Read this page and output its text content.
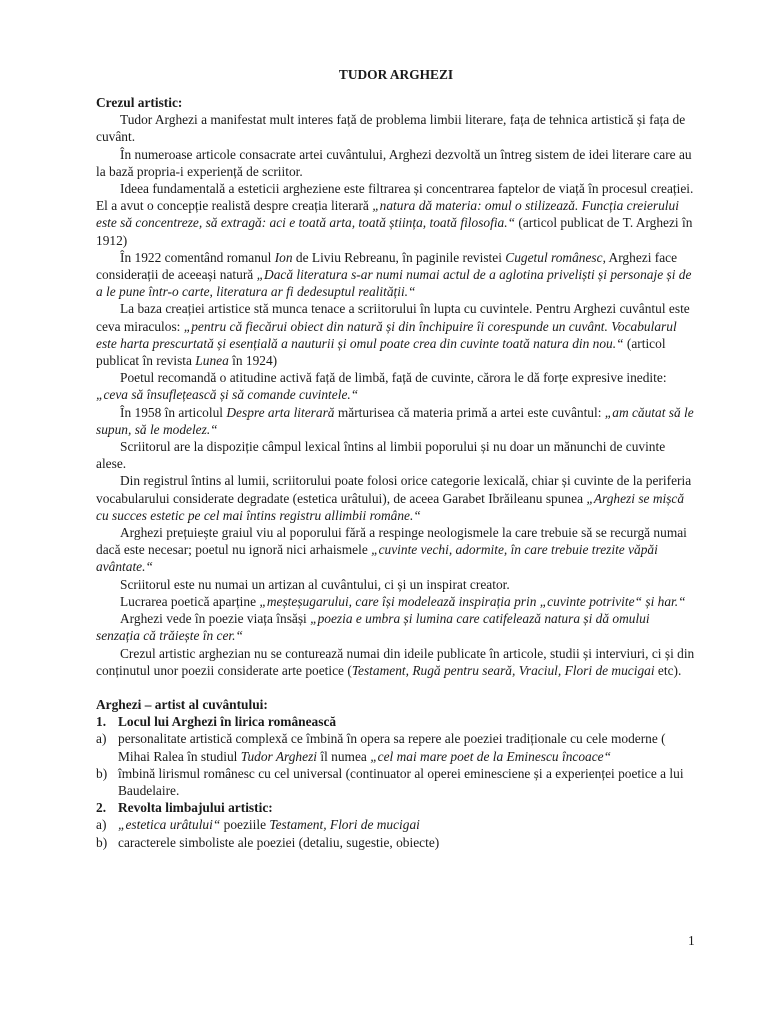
TUDOR ARGHEZI
Crezul artistic:

Tudor Arghezi a manifestat mult interes față de problema limbii literare, fața de tehnica artistică și fața de cuvânt.

În numeroase articole consacrate artei cuvântului, Arghezi dezvoltă un întreg sistem de idei literare care au la bază propria-i experiență de scriitor.

Ideea fundamentală a esteticii argheziene este filtrarea și concentrarea faptelor de viață în procesul creației. El a avut o concepție realistă despre creația literară „natura dă materia: omul o stilizează. Funcția creierului este să concentreze, să extragă: aci e toată arta, toată știința, toată filosofia.“ (articol publicat de T. Arghezi în 1912)

În 1922 comentând romanul Ion de Liviu Rebreanu, în paginile revistei Cugetul românesc, Arghezi face considerații de aceeași natură „Dacă literatura s-ar numi numai actul de a aglotina priveliști și personaje și de a le pune într-o carte, literatura ar fi dedesuptul realității.“

La baza creației artistice stă munca tenace a scriitorului în lupta cu cuvintele. Pentru Arghezi cuvântul este ceva miraculos: „pentru că fiecărui obiect din natură și din închipuire îi corespunde un cuvânt. Vocabularul este harta prescurtată și esențială a nauturii și omul poate crea din cuvinte toată natura din nou.“ (articol publicat în revista Lunea în 1924)

Poetul recomandă o atitudine activă față de limbă, față de cuvinte, cărora le dă forțe expresive inedite: „ceva să însuflețească și să comande cuvintele.“

În 1958 în articolul Despre arta literară mărturisea că materia primă a artei este cuvântul: „am căutat să le supun, să le modelez.“

Scriitorul are la dispoziție câmpul lexical întins al limbii poporului și nu doar un mănunchi de cuvinte alese.

Din registrul întins al lumii, scriitorului poate folosi orice categorie lexicală, chiar și cuvinte de la periferia vocabularului considerate degradate (estetica urâtului), de aceea Garabet Ibrăileanu spunea „Arghezi se mișcă cu succes estetic pe cel mai întins registru allimbii române.“

Arghezi prețuiește graiul viu al poporului fără a respinge neologismele la care trebuie să se recurgă numai dacă este necesar; poetul nu ignoră nici arhaismele „cuvinte vechi, adormite, în care trebuie trezite văpăi avântate.“

Scriitorul este nu numai un artizan al cuvântului, ci și un inspirat creator.

Lucrarea poetică aparține „meșteșugarului, care își modelează inspirația prin „cuvinte potrivite“ și har.“

Arghezi vede în poezie viața însăși „poezia e umbra și lumina care catifelează natura și dă omului senzația că trăiește în cer.“

Crezul artistic arghezian nu se conturează numai din ideile publicate în articole, studii și interviuri, ci și din conținutul unor poezii considerate arte poetice (Testament, Rugă pentru seară, Vraciul, Flori de mucigai etc).

Arghezi – artist al cuvântului:
1. Locul lui Arghezi în lirica românească
a) personalitate artistică complexă ce îmbină în opera sa repere ale poeziei tradiționale cu cele moderne ( Mihai Ralea în studiul Tudor Arghezi îl numea „cel mai mare poet de la Eminescu încoace“
b) îmbină lirismul românesc cu cel universal (continuator al operei eminesciene și a experienței poetice a lui Baudelaire.
2. Revolta limbajului artistic:
a) „estetica urâtului“ poeziile Testament, Flori de mucigai
b) caracterele simboliste ale poeziei (detaliu, sugestie, obiecte)
1
